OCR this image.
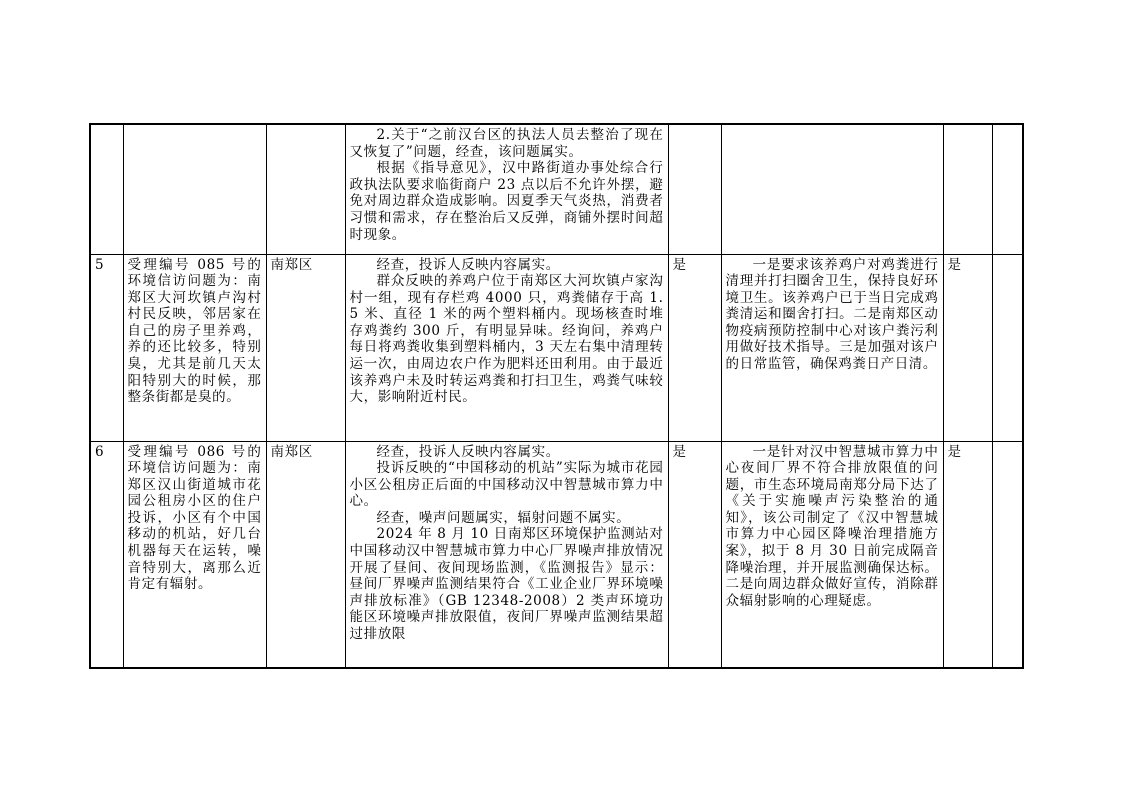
			2.关于“之前汉台区的执法人员去整治了现在又恢复了”问题，经查，该问题属实。

根据《指导意见》，汉中路街道办事处综合行政执法队要求临街商户 23 点以后不允许外摆，避免对周边群众造成影响。因夏季天气炎热，消费者习惯和需求，存在整治后又反弹，商铺外摆时间超时现象。				

5	受理编号 085 号的环境信访问题为：南郑区大河坎镇卢沟村村民反映，邻居家在自己的房子里养鸡，养的还比较多，特别臭，尤其是前几天太阳特别大的时候，那整条街都是臭的。	南郑区	经查，投诉人反映内容属实。

群众反映的养鸡户位于南郑区大河坎镇卢家沟村一组，现有存栏鸡 4000 只，鸡粪储存于高 1.5 米、直径 1 米的两个塑料桶内。现场核查时堆存鸡粪约 300 斤，有明显异味。经询问，养鸡户每日将鸡粪收集到塑料桶内，3 天左右集中清理转运一次，由周边农户作为肥料还田利用。由于最近该养鸡户未及时转运鸡粪和打扫卫生，鸡粪气味较大，影响附近村民。	是	一是要求该养鸡户对鸡粪进行清理并打扫圈舍卫生，保持良好环境卫生。该养鸡户已于当日完成鸡粪清运和圈舍打扫。二是南郑区动物疫病预防控制中心对该户粪污利用做好技术指导。三是加强对该户的日常监管，确保鸡粪日产日清。	是	
6	受理编号 086 号的环境信访问题为：南郑区汉山街道城市花园公租房小区的住户投诉，小区有个中国移动的机站，好几台机器每天在运转，噪音特别大，离那么近肯定有辐射。	南郑区	经查，投诉人反映内容属实。

投诉反映的“中国移动的机站”实际为城市花园小区公租房正后面的中国移动汉中智慧城市算力中心。

经查，噪声问题属实，辐射问题不属实。

2024 年 8 月 10 日南郑区环境保护监测站对中国移动汉中智慧城市算力中心厂界噪声排放情况开展了昼间、夜间现场监测，《监测报告》显示：昼间厂界噪声监测结果符合《工业企业厂界环境噪声排放标准》（GB 12348-2008）2 类声环境功能区环境噪声排放限值，夜间厂界噪声监测结果超过排放限	是	一是针对汉中智慧城市算力中心夜间厂界不符合排放限值的问题，市生态环境局南郑分局下达了《关于实施噪声污染整治的通知》，该公司制定了《汉中智慧城市算力中心园区降噪治理措施方案》，拟于 8 月 30 日前完成隔音降噪治理，并开展监测确保达标。二是向周边群众做好宣传，消除群众辐射影响的心理疑虑。	是	
